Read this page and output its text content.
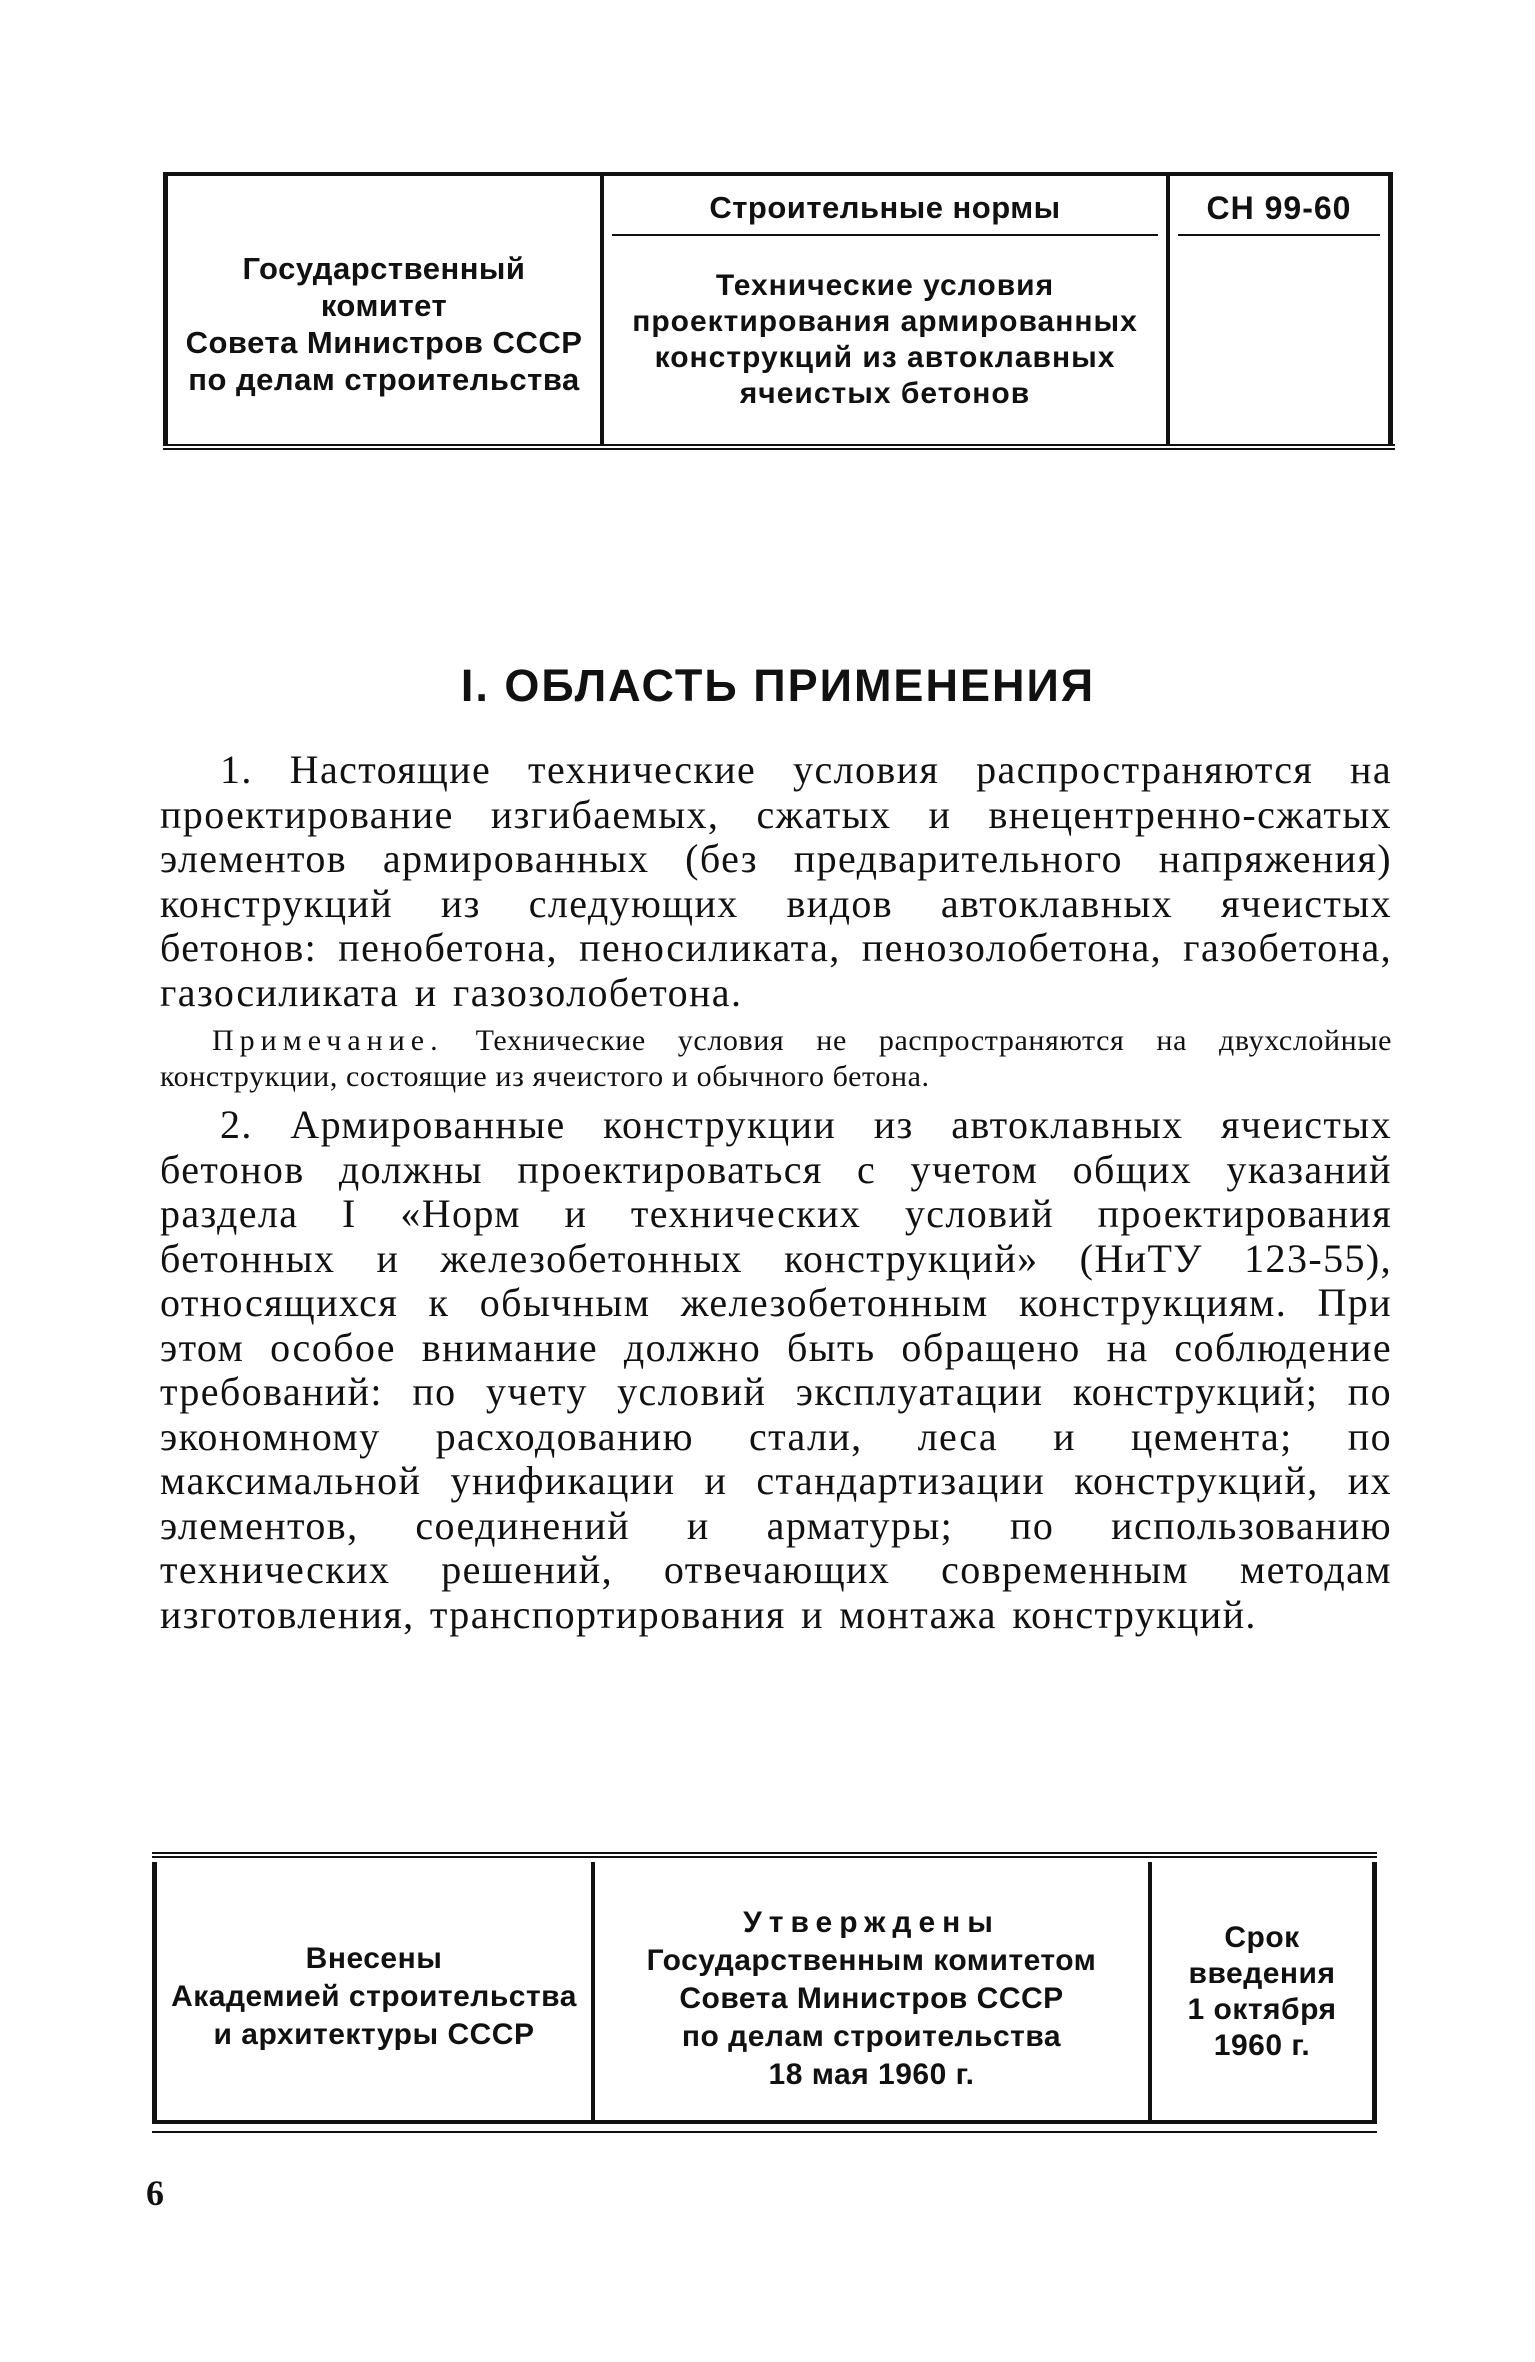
Государственный
комитет
Совета Министров СССР
по делам строительства
Строительные нормы
Технические условия
проектирования армированных
конструкций из автоклавных
ячеистых бетонов
СН 99-60
I. ОБЛАСТЬ ПРИМЕНЕНИЯ

1. Настоящие технические условия распространяются на проектирование изгибаемых, сжатых и внецентренно-сжатых элементов армированных (без предварительного напряжения) конструкций из следующих видов автоклавных ячеистых бетонов: пенобетона, пеносиликата, пенозолобетона, газобетона, газосиликата и газозолобетона.

Примечание. Технические условия не распространяются на двухслойные конструкции, состоящие из ячеистого и обычного бетона.

2. Армированные конструкции из автоклавных ячеистых бетонов должны проектироваться с учетом общих указаний раздела I «Норм и технических условий проектирования бетонных и железобетонных конструкций» (НиТУ 123-55), относящихся к обычным железобетонным конструкциям. При этом особое внимание должно быть обращено на соблюдение требований: по учету условий эксплуатации конструкций; по экономному расходованию стали, леса и цемента; по максимальной унификации и стандартизации конструкций, их элементов, соединений и арматуры; по использованию технических решений, отвечающих современным методам изготовления, транспортирования и монтажа конструкций.

Внесены
Академией строительства
и архитектуры СССР
Утверждены
Государственным комитетом
Совета Министров СССР
по делам строительства
18 мая 1960 г.
Срок
введения
1 октября
1960 г.
6
